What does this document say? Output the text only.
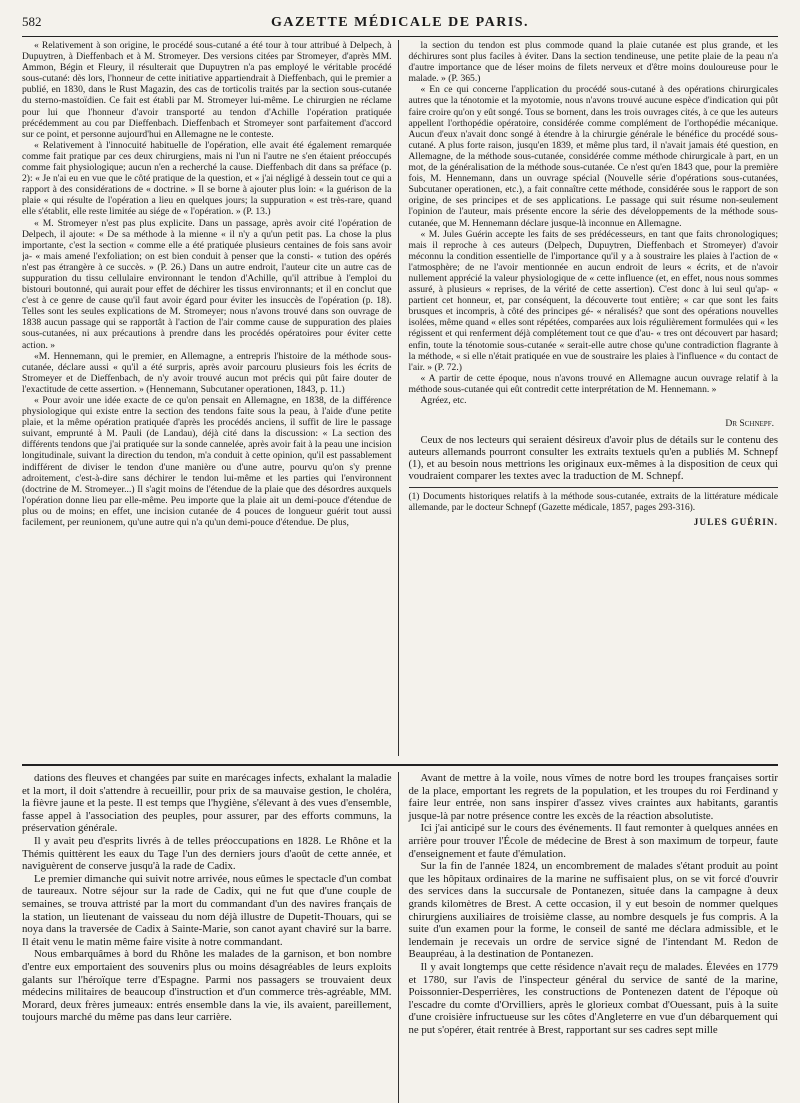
582	GAZETTE MÉDICALE DE PARIS.

« Relativement à son origine, le procédé sous-cutané a été tour à tour attribué à Delpech, à Dupuytren, à Dieffenbach et à M. Stromeyer. Des versions citées par Stromeyer, d'après MM. Ammon, Bégin et Fleury, il résulterait que Dupuytren n'a pas employé le véritable procédé sous-cutané: dès lors, l'honneur de cette initiative appartiendrait à Dieffenbach, qui le premier a publié, en 1830, dans le Rust Magazin, des cas de torticolis traités par la section sous-cutanée du sterno-mastoïdien. Ce fait est établi par M. Stromeyer lui-même. Le chirurgien ne réclame pour lui que l'honneur d'avoir transporté au tendon d'Achille l'opération pratiquée précédemment au cou par Dieffenbach. Dieffenbach et Stromeyer sont parfaitement d'accord sur ce point, et personne aujourd'hui en Allemagne ne le conteste.

« Relativement à l'innocuité habituelle de l'opération, elle avait été également remarquée comme fait pratique par ces deux chirurgiens, mais ni l'un ni l'autre ne s'en étaient préoccupés comme fait physiologique; aucun n'en a recherché la cause. Dieffenbach dit dans sa préface (p. 2): « Je n'ai eu en vue que le côté pratique de la question, et « j'ai négligé à dessein tout ce qui a rapport à des considérations de « doctrine. » Il se borne à ajouter plus loin: « la guérison de la plaie « qui résulte de l'opération a lieu en quelques jours; la suppuration « est très-rare, quand elle s'établit, elle reste limitée au siége de « l'opération. » (P. 13.)

« M. Stromeyer n'est pas plus explicite. Dans un passage, après avoir cité l'opération de Delpech, il ajoute: « De sa méthode à la mienne « il n'y a qu'un petit pas. La chose la plus importante, c'est la section « comme elle a été pratiquée plusieurs centaines de fois sans avoir ja- « mais amené l'exfoliation; on est bien conduit à penser que la consti- « tution des opérés n'est pas étrangère à ce succès. » (P. 26.) Dans un autre endroit, l'auteur cite un autre cas de suppuration du tissu cellulaire environnant le tendon d'Achille, qu'il attribue à l'emploi du bistouri boutonné, qui aurait pour effet de déchirer les tissus environnants; et il en conclut que c'est à ce genre de cause qu'il faut avoir égard pour éviter les insuccès de l'opération (p. 18). Telles sont les seules explications de M. Stromeyer; nous n'avons trouvé dans son ouvrage de 1838 aucun passage qui se rapportât à l'action de l'air comme cause de suppuration des plaies sous-cutanées, ni aux précautions à prendre dans les procédés opératoires pour éviter cette action. »

«M. Hennemann, qui le premier, en Allemagne, a entrepris l'histoire de la méthode sous-cutanée, déclare aussi « qu'il a été surpris, après avoir parcouru plusieurs fois les écrits de Stromeyer et de Dieffenbach, de n'y avoir trouvé aucun mot précis qui pût faire douter de l'exactitude de cette assertion. » (Hennemann, Subcutaner operationen, 1843, p. 11.)

« Pour avoir une idée exacte de ce qu'on pensait en Allemagne, en 1838, de la différence physiologique qui existe entre la section des tendons faite sous la peau, à l'aide d'une petite plaie, et la même opération pratiquée d'après les procédés anciens, il suffit de lire le passage suivant, emprunté à M. Pauli (de Landau), déjà cité dans la discussion: « La section des différents tendons que j'ai pratiquée sur la sonde cannelée, après avoir fait à la peau une incision longitudinale, suivant la direction du tendon, m'a conduit à cette opinion, qu'il est passablement indifférent de diviser le tendon d'une manière ou d'une autre, pourvu qu'on s'y prenne adroitement, c'est-à-dire sans déchirer le tendon lui-même et les parties qui l'environnent (doctrine de M. Stromeyer...) Il s'agit moins de l'étendue de la plaie que des désordres auxquels l'opération donne lieu par elle-même. Peu importe que la plaie ait un demi-pouce d'étendue de plus ou de moins; en effet, une incision cutanée de 4 pouces de longueur guérit tout aussi facilement, per reunionem, qu'une autre qui n'a qu'un demi-pouce d'étendue. De plus,

la section du tendon est plus commode quand la plaie cutanée est plus grande, et les déchirures sont plus faciles à éviter. Dans la section tendineuse, une petite plaie de la peau n'a d'autre importance que de léser moins de filets nerveux et d'être moins douloureuse pour le malade. » (P. 365.)

« En ce qui concerne l'application du procédé sous-cutané à des opérations chirurgicales autres que la ténotomie et la myotomie, nous n'avons trouvé aucune espèce d'indication qui pût faire croire qu'on y eût songé. Tous se bornent, dans les trois ouvrages cités, à ce que les auteurs appellent l'orthopédie opératoire, considérée comme complément de l'orthopédie mécanique. Aucun d'eux n'avait donc songé à étendre à la chirurgie générale le bénéfice du procédé sous-cutané. A plus forte raison, jusqu'en 1839, et même plus tard, il n'avait jamais été question, en Allemagne, de la méthode sous-cutanée, considérée comme méthode chirurgicale à part, en un mot, de la généralisation de la méthode sous-cutanée. Ce n'est qu'en 1843 que, pour la première fois, M. Hennemann, dans un ouvrage spécial (Nouvelle série d'opérations sous-cutanées, Subcutaner operationen, etc.), a fait connaître cette méthode, considérée sous le rapport de son origine, de ses principes et de ses applications. Le passage qui suit résume non-seulement l'opinion de l'auteur, mais présente encore la série des développements de la méthode sous-cutanée, que M. Hennemann déclare jusque-là inconnue en Allemagne.

« M. Jules Guérin accepte les faits de ses prédécesseurs, en tant que faits chronologiques; mais il reproche à ces auteurs (Delpech, Dupuytren, Dieffenbach et Stromeyer) d'avoir méconnu la condition essentielle de l'importance qu'il y a à soustraire les plaies à l'action de « l'atmosphère; de ne l'avoir mentionnée en aucun endroit de leurs « écrits, et de n'avoir nullement apprécié la valeur physiologique de « cette influence (et, en effet, nous nous sommes assuré, à plusieurs « reprises, de la vérité de cette assertion). C'est donc à lui seul qu'ap- « partient cet honneur, et, par conséquent, la découverte tout entière; « car que sont les faits brusques et incompris, à côté des principes gé- « néralisés? que sont des opérations nouvelles isolées, même quand « elles sont répétées, comparées aux lois régulièrement formulées qui « les régissent et qui renferment déjà complétement tout ce que d'au- « tres ont découvert par hasard; enfin, toute la ténotomie sous-cutanée « serait-elle autre chose qu'une contradiction flagrante à la méthode, « si elle n'était pratiquée en vue de soustraire les plaies à l'influence « du contact de l'air. » (P. 72.)

« A partir de cette époque, nous n'avons trouvé en Allemagne aucun ouvrage relatif à la méthode sous-cutanée qui eût contredit cette interprétation de M. Hennemann. »

Agréez, etc.

Dr Schnepf.

Ceux de nos lecteurs qui seraient désireux d'avoir plus de détails sur le contenu des auteurs allemands pourront consulter les extraits textuels qu'en a publiés M. Schnepf (1), et au besoin nous mettrions les originaux eux-mêmes à la disposition de ceux qui voudraient comparer les textes avec la traduction de M. Schnepf.

(1) Documents historiques relatifs à la méthode sous-cutanée, extraits de la littérature médicale allemande, par le docteur Schnepf (Gazette médicale, 1857, pages 293-316).
JULES GUÉRIN.

dations des fleuves et changées par suite en marécages infects, exhalant la maladie et la mort, il doit s'attendre à recueillir, pour prix de sa mauvaise gestion, le choléra, la fièvre jaune et la peste. Il est temps que l'hygiène, s'élevant à des vues d'ensemble, fasse appel à l'association des peuples, pour assurer, par des efforts communs, la préservation générale.

Il y avait peu d'esprits livrés à de telles préoccupations en 1828. Le Rhône et la Thémis quittèrent les eaux du Tage l'un des derniers jours d'août de cette année, et naviguèrent de conserve jusqu'à la rade de Cadix.

Le premier dimanche qui suivit notre arrivée, nous eûmes le spectacle d'un combat de taureaux. Notre séjour sur la rade de Cadix, qui ne fut que d'une couple de semaines, se trouva attristé par la mort du commandant d'un des navires français de la station, un lieutenant de vaisseau du nom déjà illustre de Dupetit-Thouars, qui se noya dans la traversée de Cadix à Sainte-Marie, son canot ayant chaviré sur la barre. Il était venu le matin même faire visite à notre commandant.

Nous embarquâmes à bord du Rhône les malades de la garnison, et bon nombre d'entre eux emportaient des souvenirs plus ou moins désagréables de leurs exploits galants sur l'héroïque terre d'Espagne. Parmi nos passagers se trouvaient deux médecins militaires de beaucoup d'instruction et d'un commerce très-agréable, MM. Morard, deux frères jumeaux: entrés ensemble dans la vie, ils avaient, pareillement, toujours marché du même pas dans leur carrière.

Avant de mettre à la voile, nous vîmes de notre bord les troupes françaises sortir de la place, emportant les regrets de la population, et les troupes du roi Ferdinand y faire leur entrée, non sans inspirer d'assez vives craintes aux habitants, garantis jusque-là par notre présence contre les excès de la réaction absolutiste.

Ici j'ai anticipé sur le cours des événements. Il faut remonter à quelques années en arrière pour trouver l'École de médecine de Brest à son maximum de torpeur, faute d'enseignement et faute d'émulation.

Sur la fin de l'année 1824, un encombrement de malades s'étant produit au point que les hôpitaux ordinaires de la marine ne suffisaient plus, on se vit forcé d'ouvrir des services dans la succursale de Pontanezen, située dans la campagne à deux grands kilomètres de Brest. A cette occasion, il y eut besoin de nommer quelques chirurgiens auxiliaires de troisième classe, au nombre desquels je fus compris. A la suite d'un examen pour la forme, le conseil de santé me déclara admissible, et le lendemain je recevais un ordre de service signé de l'intendant M. Redon de Beaupréau, à la destination de Pontanezen.

Il y avait longtemps que cette résidence n'avait reçu de malades. Élevées en 1779 et 1780, sur l'avis de l'inspecteur général du service de santé de la marine, Poissonnier-Desperrières, les constructions de Pontenezen datent de l'époque où l'escadre du comte d'Orvilliers, après le glorieux combat d'Ouessant, puis à la suite d'une croisière infructueuse sur les côtes d'Angleterre en vue d'un débarquement qui ne put s'opérer, était rentrée à Brest, rapportant sur ses cadres sept mille
